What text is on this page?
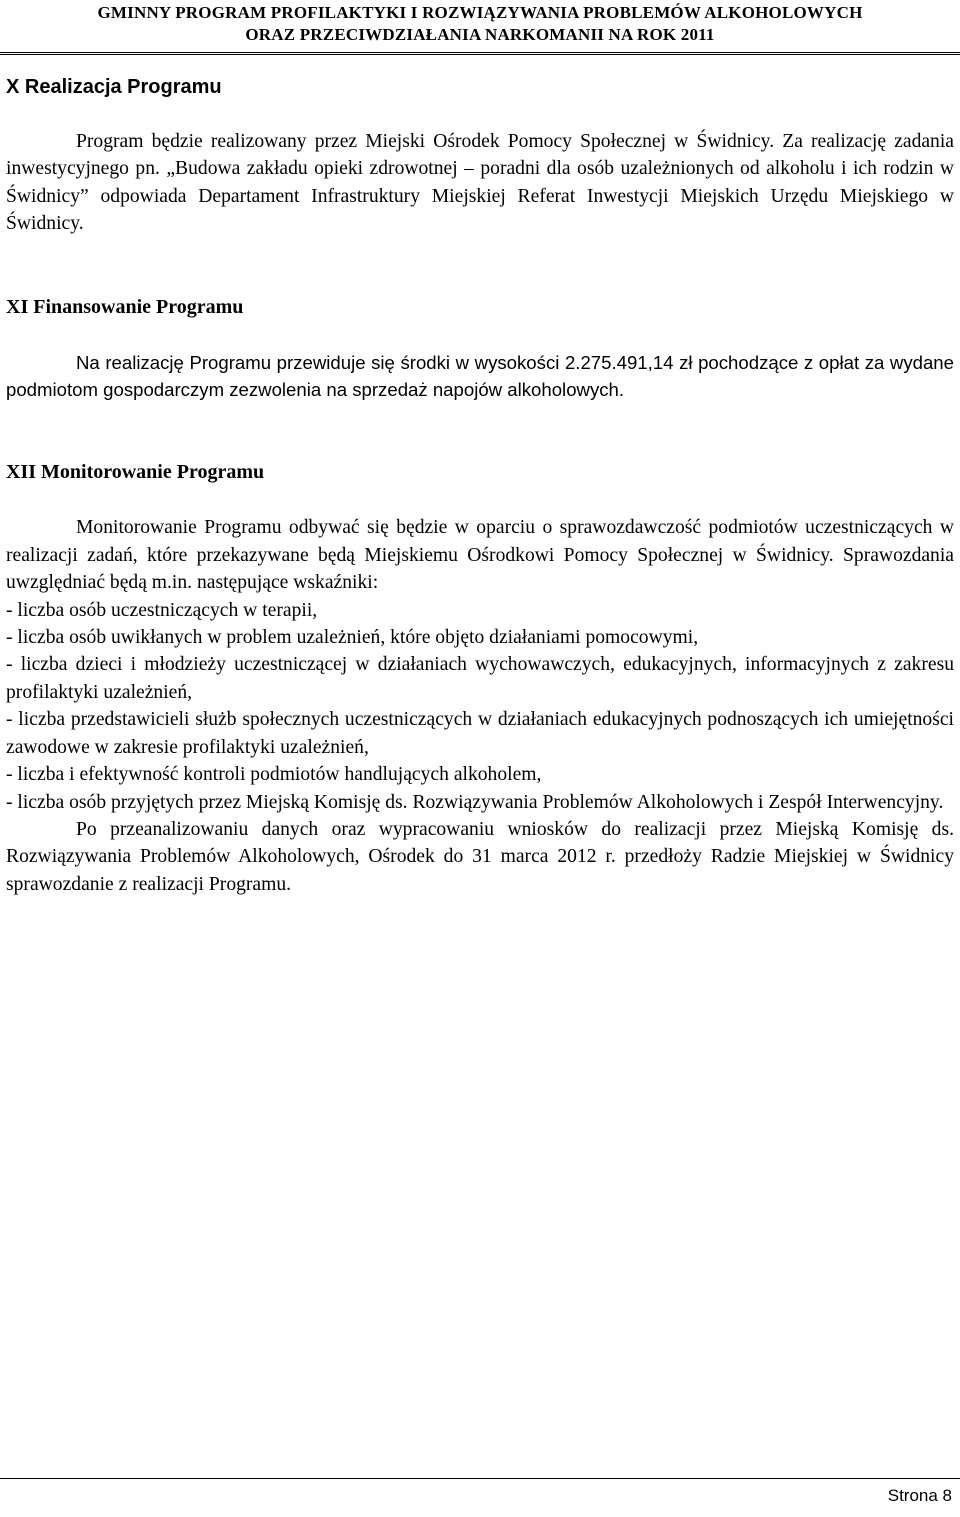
GMINNY PROGRAM PROFILAKTYKI I ROZWIĄZYWANIA PROBLEMÓW ALKOHOLOWYCH
ORAZ PRZECIWDZIAŁANIA NARKOMANII NA ROK 2011
X Realizacja Programu

Program będzie realizowany przez Miejski Ośrodek Pomocy Społecznej w Świdnicy. Za realizację zadania inwestycyjnego pn. „Budowa zakładu opieki zdrowotnej – poradni dla osób uzależnionych od alkoholu i ich rodzin w Świdnicy” odpowiada Departament Infrastruktury Miejskiej Referat Inwestycji Miejskich Urzędu Miejskiego w Świdnicy.

XI Finansowanie Programu

Na realizację Programu przewiduje się środki w wysokości 2.275.491,14 zł pochodzące z opłat za wydane podmiotom gospodarczym zezwolenia na sprzedaż napojów alkoholowych.

XII Monitorowanie Programu

Monitorowanie Programu odbywać się będzie w oparciu o sprawozdawczość podmiotów uczestniczących w realizacji zadań, które przekazywane będą Miejskiemu Ośrodkowi Pomocy Społecznej w Świdnicy. Sprawozdania uwzględniać będą m.in. następujące wskaźniki:

- liczba osób uczestniczących w terapii,
- liczba osób uwikłanych w problem uzależnień, które objęto działaniami pomocowymi,
- liczba dzieci i młodzieży uczestniczącej w działaniach wychowawczych, edukacyjnych, informacyjnych z zakresu profilaktyki uzależnień,
- liczba przedstawicieli służb społecznych uczestniczących w działaniach edukacyjnych podnoszących ich umiejętności zawodowe w zakresie profilaktyki uzależnień,
- liczba i efektywność kontroli podmiotów handlujących alkoholem,
- liczba osób przyjętych przez Miejską Komisję ds. Rozwiązywania Problemów Alkoholowych i Zespół Interwencyjny.

Po przeanalizowaniu danych oraz wypracowaniu wniosków do realizacji przez Miejską Komisję ds. Rozwiązywania Problemów Alkoholowych, Ośrodek do 31 marca 2012 r. przedłoży Radzie Miejskiej w Świdnicy sprawozdanie z realizacji Programu.

Strona 8
